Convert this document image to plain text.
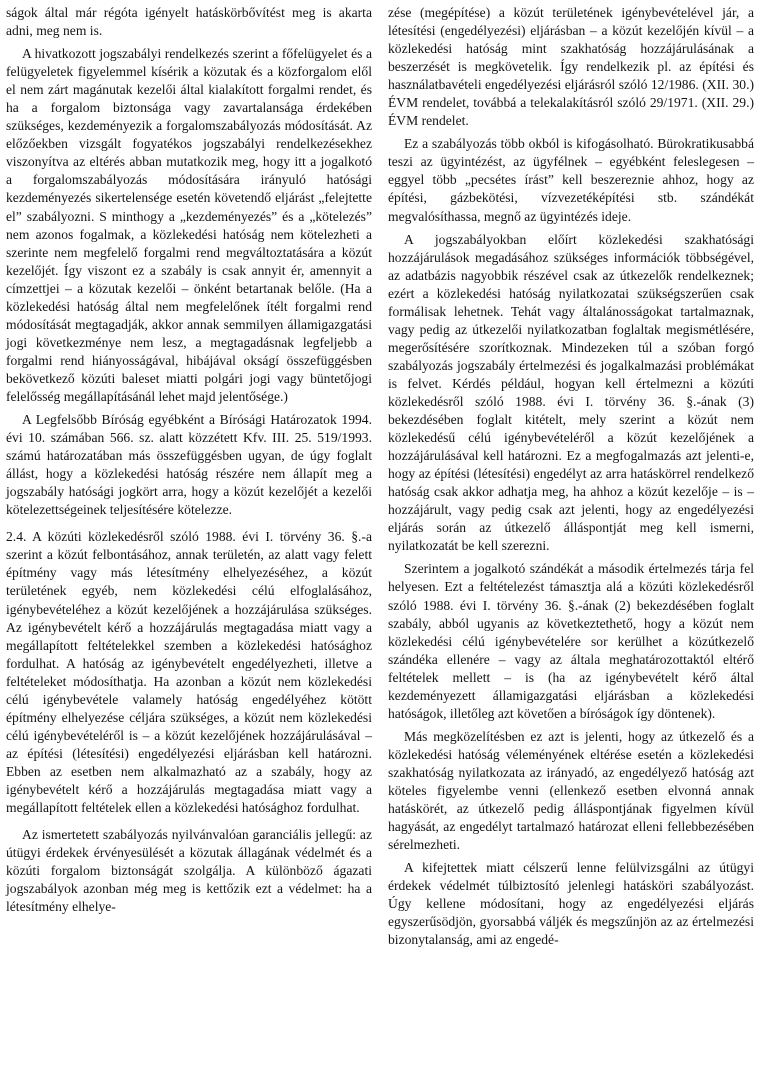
ságok által már régóta igényelt hatáskörbővítést meg is akarta adni, meg nem is.

A hivatkozott jogszabályi rendelkezés szerint a főfelügyelet és a felügyeletek figyelemmel kísérik a közutak és a közforgalom elől el nem zárt magánutak kezelői által kialakított forgalmi rendet, és ha a forgalom biztonsága vagy zavartalansága érdekében szükséges, kezdeményezik a forgalomszabályozás módosítását. Az előzőekben vizsgált fogyatékos jogszabályi rendelkezésekhez viszonyítva az eltérés abban mutatkozik meg, hogy itt a jogalkotó a forgalomszabályozás módosítására irányuló hatósági kezdeményezés sikertelensége esetén követendő eljárást „felejtette el” szabályozni. S minthogy a „kezdeményezés” és a „kötelezés” nem azonos fogalmak, a közlekedési hatóság nem kötelezheti a szerinte nem megfelelő forgalmi rend megváltoztatására a közút kezelőjét. Így viszont ez a szabály is csak annyit ér, amennyit a címzettjei – a közutak kezelői – önként betartanak belőle. (Ha a közlekedési hatóság által nem megfelelőnek ítélt forgalmi rend módosítását megtagadják, akkor annak semmilyen államigazgatási jogi következménye nem lesz, a megtagadásnak legfeljebb a forgalmi rend hiányosságával, hibájával okságí összefüggésben bekövetkező közúti baleset miatti polgári jogi vagy büntetőjogi felelősség megállapításánál lehet majd jelentősége.)

A Legfelsőbb Bíróság egyébként a Bírósági Határozatok 1994. évi 10. számában 566. sz. alatt közzétett Kfv. III. 25. 519/1993. számú határozatában más összefüggésben ugyan, de úgy foglalt állást, hogy a közlekedési hatóság részére nem állapít meg a jogszabály hatósági jogkört arra, hogy a közút kezelőjét a kezelői kötelezettségeinek teljesítésére kötelezze.

2.4. A közúti közlekedésről szóló 1988. évi I. törvény 36. §.-a szerint a közút felbontásához, annak területén, az alatt vagy felett építmény vagy más létesítmény elhelyezéséhez, a közút területének egyéb, nem közlekedési célú elfoglalásához, igénybevételéhez a közút kezelőjének a hozzájárulása szükséges. Az igénybevételt kérő a hozzájárulás megtagadása miatt vagy a megállapított feltételekkel szemben a közlekedési hatósághoz fordulhat. A hatóság az igénybevételt engedélyezheti, illetve a feltételeket módosíthatja. Ha azonban a közút nem közlekedési célú igénybevétele valamely hatóság engedélyéhez kötött építmény elhelyezése céljára szükséges, a közút nem közlekedési célú igénybevételéről is – a közút kezelőjének hozzájárulásával – az építési (létesítési) engedélyezési eljárásban kell határozni. Ebben az esetben nem alkalmazható az a szabály, hogy az igénybevételt kérő a hozzájárulás megtagadása miatt vagy a megállapított feltételek ellen a közlekedési hatósághoz fordulhat.

Az ismertetett szabályozás nyilvánvalóan garanciális jellegű: az útügyi érdekek érvényesülését a közutak állagának védelmét és a közúti forgalom biztonságát szolgálja. A különböző ágazati jogszabályok azonban még meg is kettőzik ezt a védelmet: ha a létesítmény elhelye-

zése (megépítése) a közút területének igénybevételével jár, a létesítési (engedélyezési) eljárásban – a közút kezelőjén kívül – a közlekedési hatóság mint szakhatóság hozzájárulásának a beszerzését is megkövetelik. Így rendelkezik pl. az építési és használatbavételi engedélyezési eljárásról szóló 12/1986. (XII. 30.) ÉVM rendelet, továbbá a telekalakításról szóló 29/1971. (XII. 29.) ÉVM rendelet.

Ez a szabályozás több okból is kifogásolható. Bürokratikusabbá teszi az ügyintézést, az ügyfélnek – egyébként feleslegesen – eggyel több „pecsétes írást” kell beszereznie ahhoz, hogy az építési, gázbekötési, vízvezetéképítési stb. szándékát megvalósíthassa, megnő az ügyintézés ideje.

A jogszabályokban előírt közlekedési szakhatósági hozzájárulások megadásához szükséges információk többségével, az adatbázis nagyobbik részével csak az útkezelők rendelkeznek; ezért a közlekedési hatóság nyilatkozatai szükségszerűen csak formálisak lehetnek. Tehát vagy általánosságokat tartalmaznak, vagy pedig az útkezelői nyilatkozatban foglaltak megismétlésére, megerősítésére szorítkoznak. Mindezeken túl a szóban forgó szabályozás jogszabály értelmezési és jogalkalmazási problémákat is felvet. Kérdés például, hogyan kell értelmezni a közúti közlekedésről szóló 1988. évi I. törvény 36. §.-ának (3) bekezdésében foglalt kitételt, mely szerint a közút nem közlekedésű célú igénybevételéről a közút kezelőjének a hozzájárulásával kell határozni. Ez a megfogalmazás azt jelenti-e, hogy az építési (létesítési) engedélyt az arra hatáskörrel rendelkező hatóság csak akkor adhatja meg, ha ahhoz a közút kezelője – is – hozzájárult, vagy pedig csak azt jelenti, hogy az engedélyezési eljárás során az útkezelő álláspontját meg kell ismerni, nyilatkozatát be kell szerezni.

Szerintem a jogalkotó szándékát a második értelmezés tárja fel helyesen. Ezt a feltételezést támasztja alá a közúti közlekedésről szóló 1988. évi I. törvény 36. §.-ának (2) bekezdésében foglalt szabály, abból ugyanis az következtethető, hogy a közút nem közlekedési célú igénybevételére sor kerülhet a közútkezelő szándéka ellenére – vagy az általa meghatározottaktól eltérő feltételek mellett – is (ha az igénybevételt kérő által kezdeményezett államigazgatási eljárásban a közlekedési hatóságok, illetőleg azt követően a bíróságok így döntenek).

Más megközelítésben ez azt is jelenti, hogy az útkezelő és a közlekedési hatóság véleményének eltérése esetén a közlekedési szakhatóság nyilatkozata az irányadó, az engedélyező hatóság azt köteles figyelembe venni (ellenkező esetben elvonná annak hatáskörét, az útkezelő pedig álláspontjának figyelmen kívül hagyását, az engedélyt tartalmazó határozat elleni fellebbezésében sérelmezheti.

A kifejtettek miatt célszerű lenne felülvizsgálni az útügyi érdekek védelmét túlbiztosító jelenlegi hatásköri szabályozást. Úgy kellene módosítani, hogy az engedélyezési eljárás egyszerűsödjön, gyorsabbá váljék és megszűnjön az az értelmezési bizonytalanság, ami az engedé-
